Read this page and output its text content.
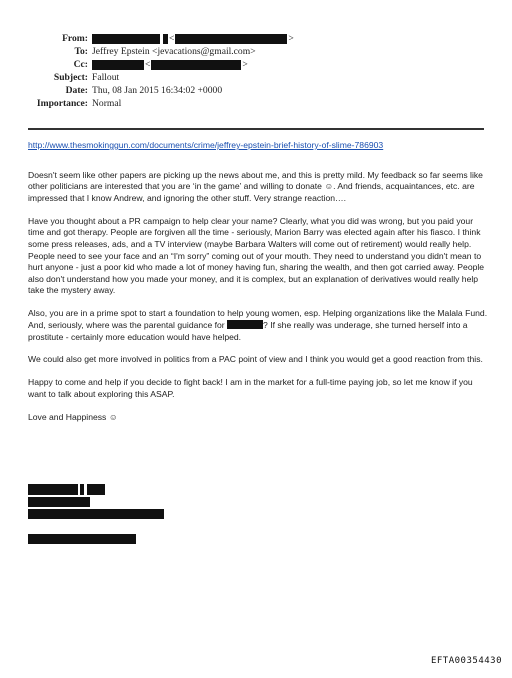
From:	<	>
To: Jeffrey Epstein <jevacations@gmail.com>
Cc:	<	>
Subject: Fallout
Date: Thu, 08 Jan 2015 16:34:02 +0000
Importance: Normal
http://www.thesmokinggun.com/documents/crime/jeffrey-epstein-brief-history-of-slime-786903

Doesn't seem like other papers are picking up the news about me, and this is pretty mild. My feedback so far seems like other politicians are interested that you are ‘in the game’ and willing to donate ☺. And friends, acquaintances, etc. are impressed that I know Andrew, and ignoring the other stuff. Very strange reaction….

Have you thought about a PR campaign to help clear your name? Clearly, what you did was wrong, but you paid your time and got therapy. People are forgiven all the time - seriously, Marion Barry was elected again after his fiasco. I think some press releases, ads, and a TV interview (maybe Barbara Walters will come out of retirement) would really help. People need to see your face and an “I'm sorry” coming out of your mouth. They need to understand you didn't mean to hurt anyone - just a poor kid who made a lot of money having fun, sharing the wealth, and then got carried away. People also don't understand how you made your money, and it is complex, but an explanation of derivatives would really help take the mystery away.

Also, you are in a prime spot to start a foundation to help young women, esp. Helping organizations like the Malala Fund. And, seriously, where was the parental guidance for	? If she really was underage, she turned herself into a prostitute - certainly more education would have helped.

We could also get more involved in politics from a PAC point of view and I think you would get a good reaction from this.

Happy to come and help if you decide to fight back! I am in the market for a full-time paying job, so let me know if you want to talk about exploring this ASAP.

Love and Happiness ☺

EFTA00354430
